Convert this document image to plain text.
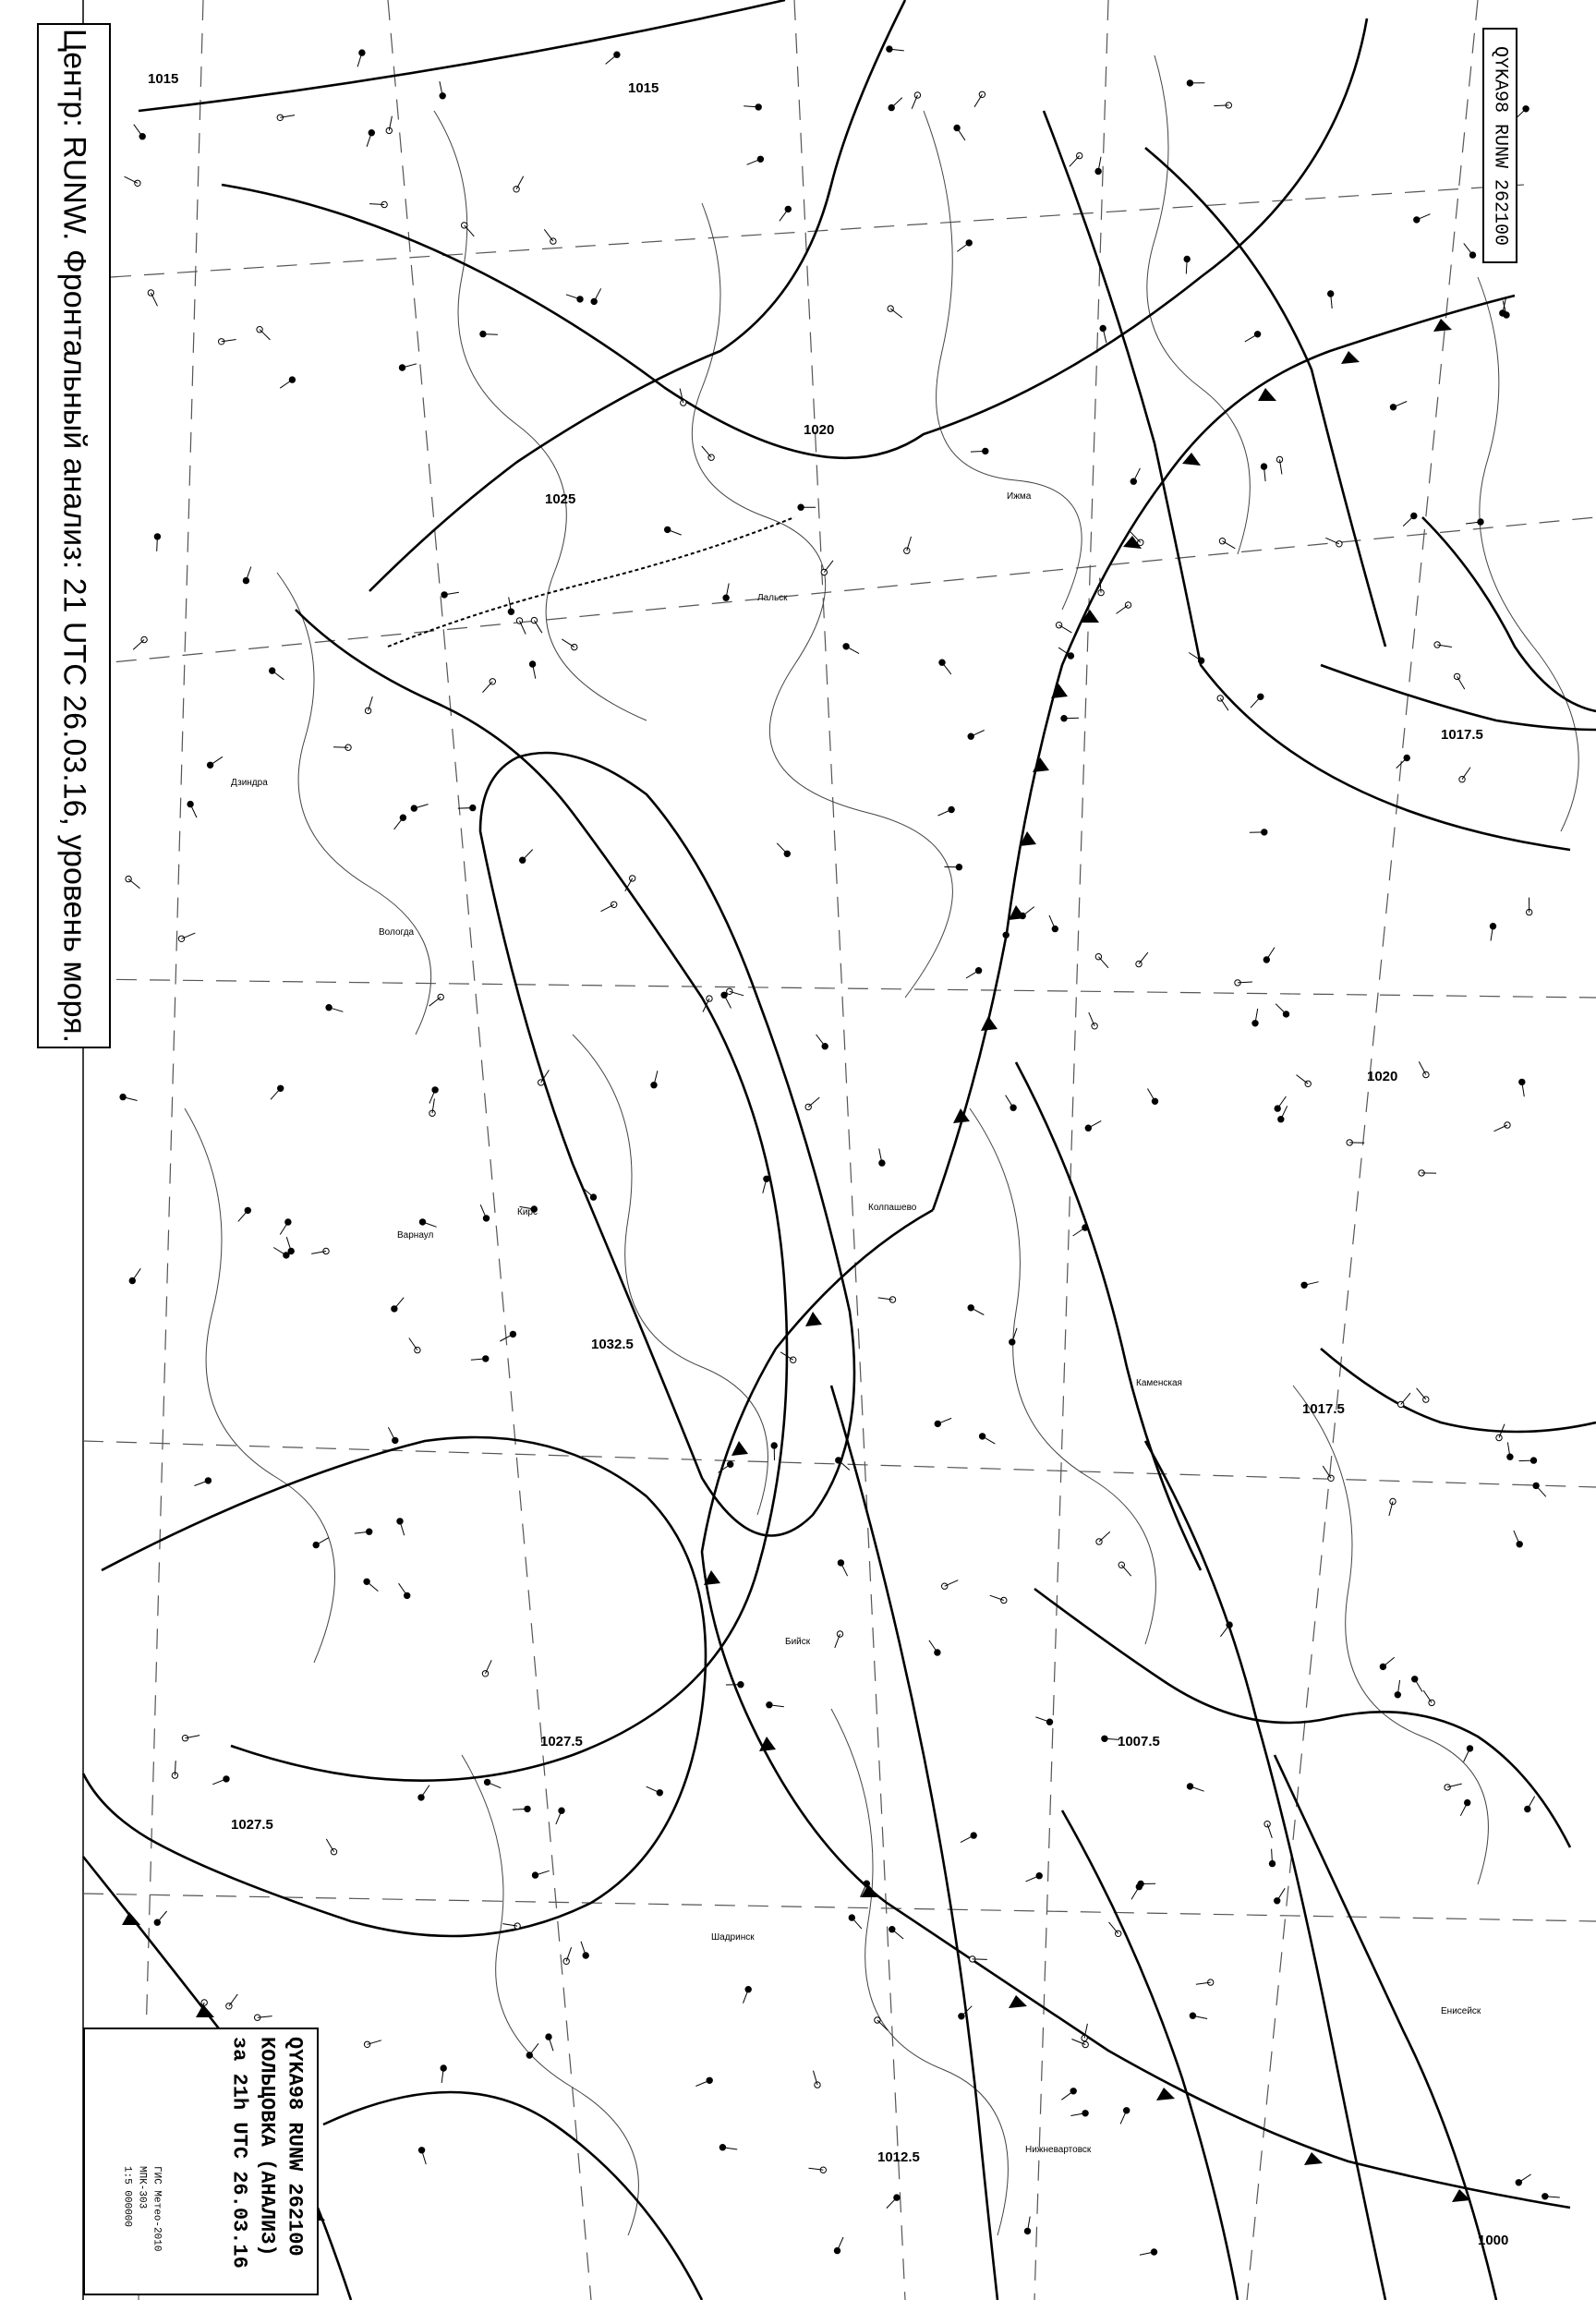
1015
1020
1025
1032.5
1027.5
1027.5
1020
1017.5
1017.5
1007.5
1012.5
1000
1015
Вологда
Лальск
Ижма
Кирс	Колпашево
Варнаул
Каменская
Бийск
Нижневартовск
Дзиндра
Шадринск
Енисейск
Центр: RUNW. Фронтальный анализ: 21 UTC 26.03.16, уровень моря.	QYKA98 RUNW 262100
QYKA98 RUNW 262100
КОЛЬЦОВКА (АНАЛИЗ)
за 21h UTC 26.03.16
ГИС Метео-2010
МПК-303
1:5 000000
